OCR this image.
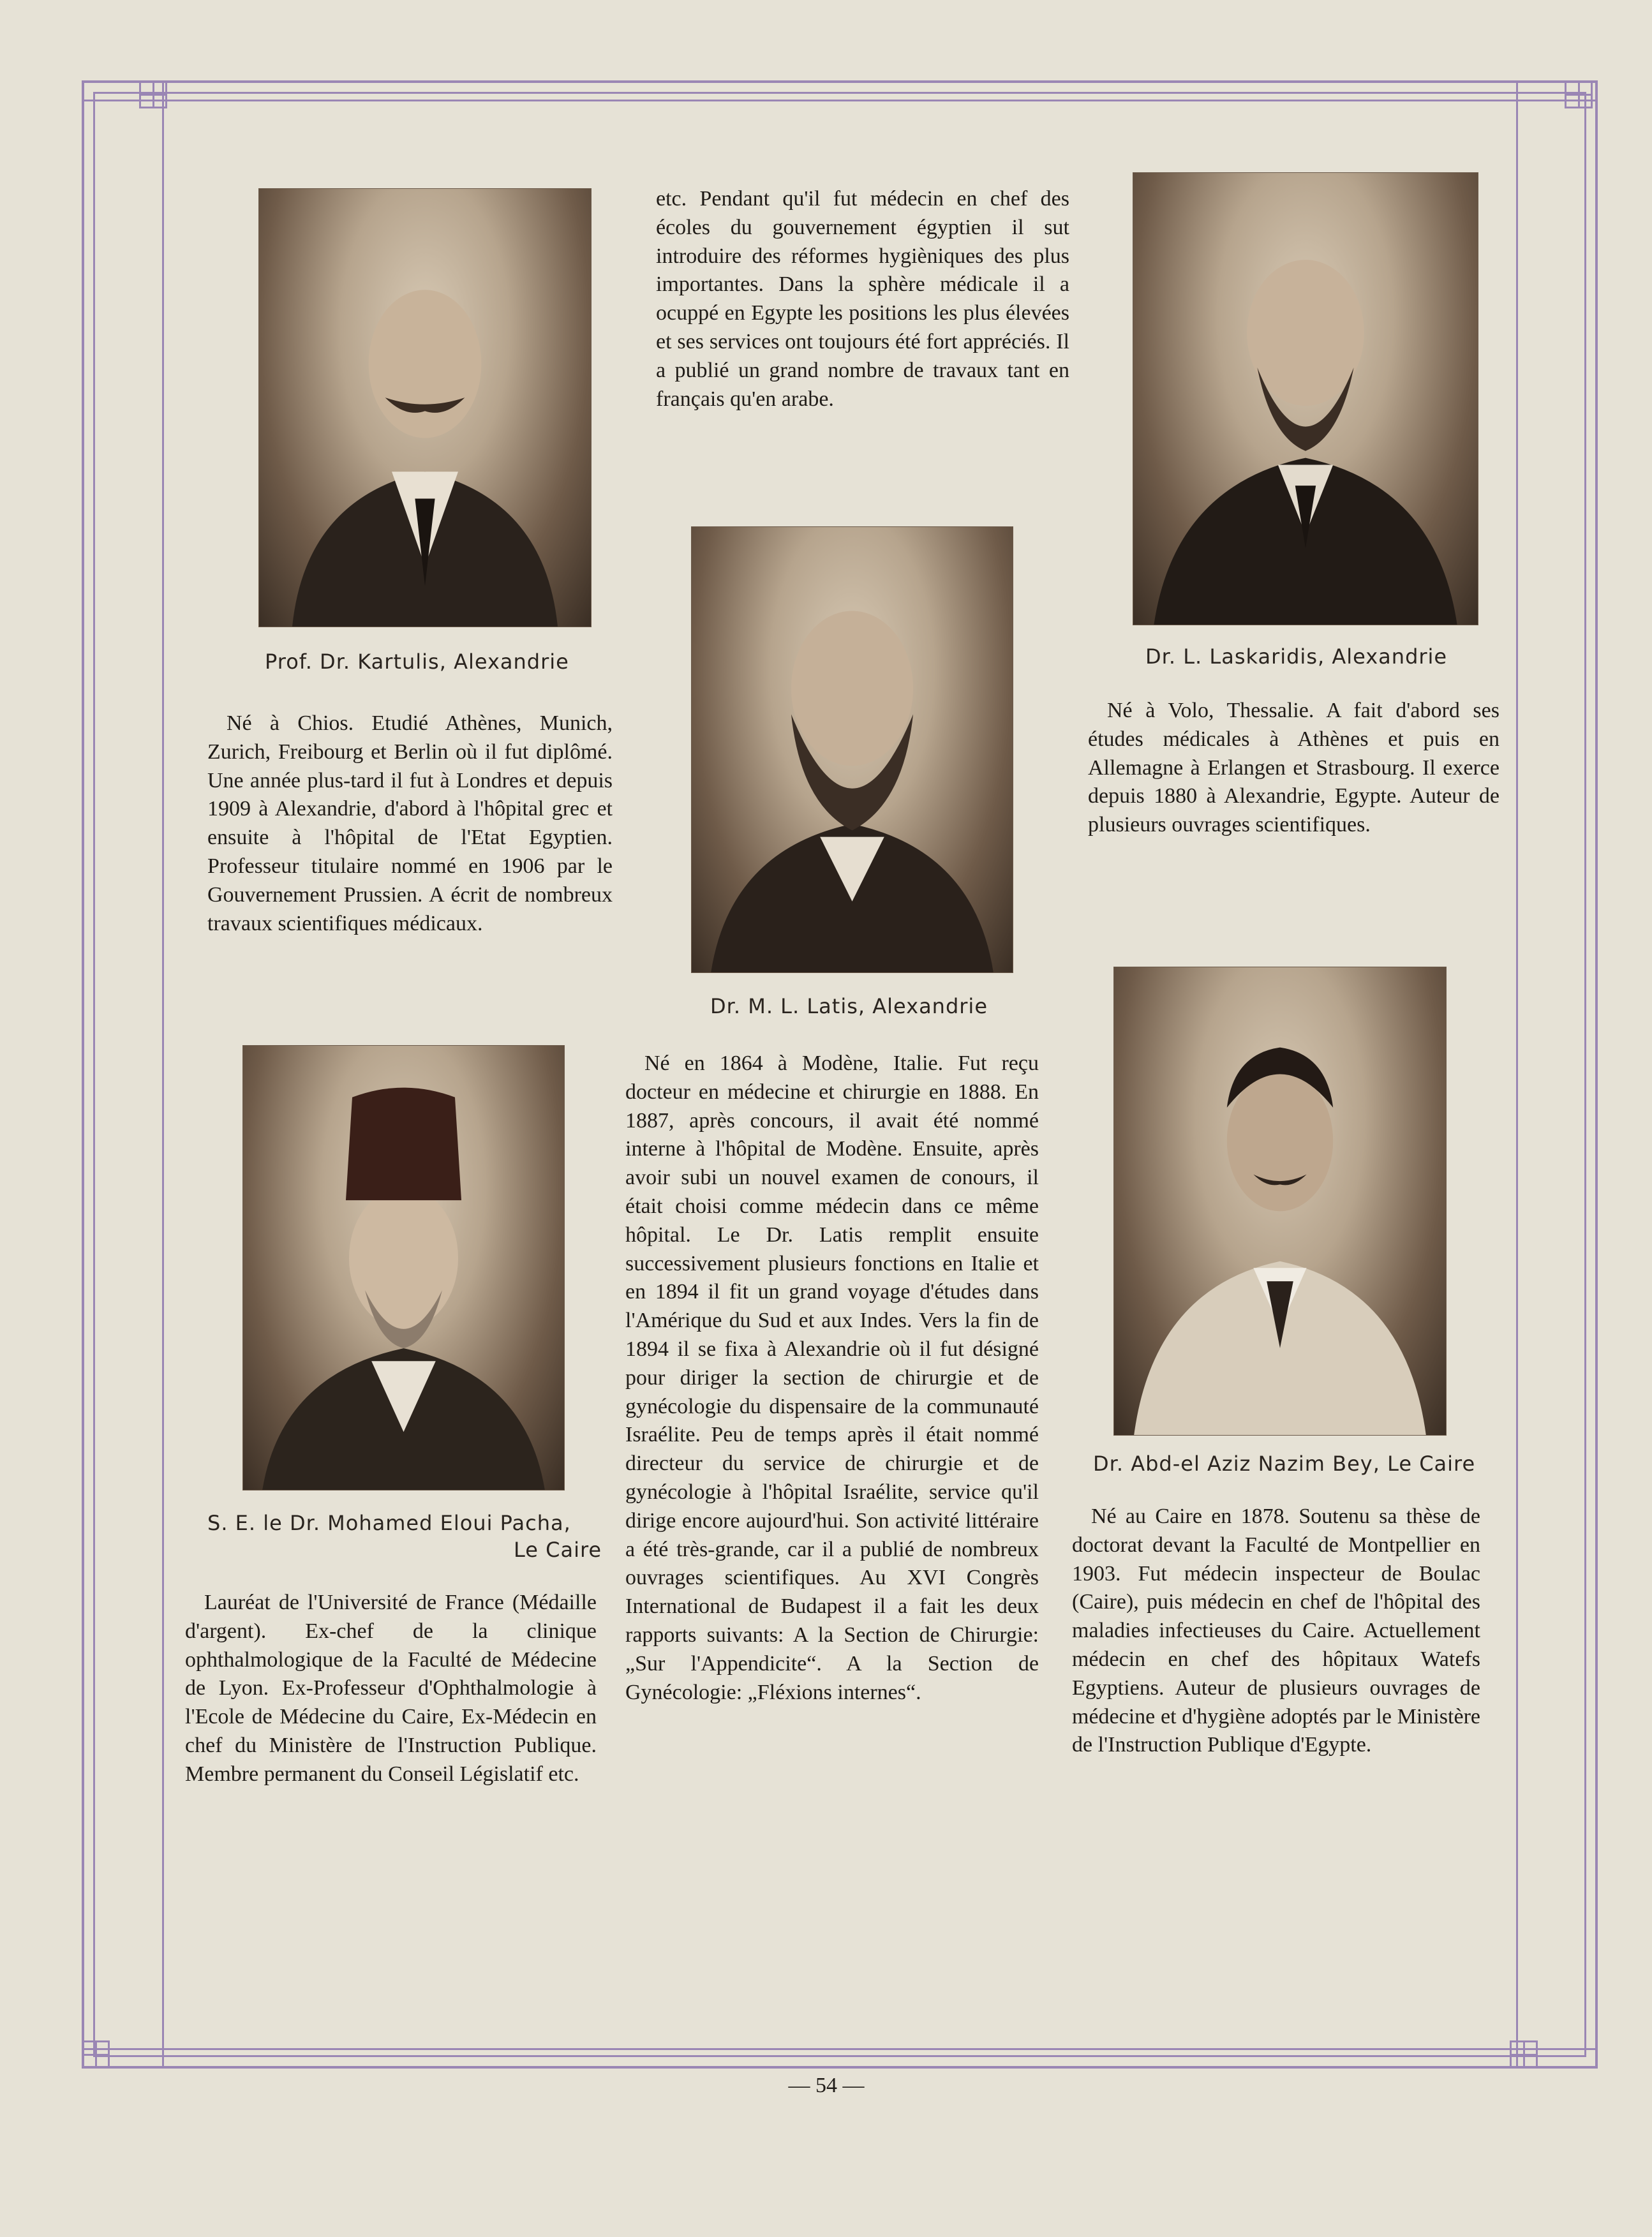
Prof. Dr. Kartulis, Alexandrie
Né à Chios. Etudié Athènes, Munich, Zurich, Freibourg et Berlin où il fut diplômé. Une année plus-tard il fut à Londres et depuis 1909 à Alexandrie, d'abord à l'hôpital grec et ensuite à l'hôpital de l'Etat Egyptien. Professeur titulaire nommé en 1906 par le Gouvernement Prussien. A écrit de nombreux travaux scientifiques médicaux.
etc. Pendant qu'il fut médecin en chef des écoles du gouvernement égyptien il sut introduire des réformes hygièniques des plus importantes. Dans la sphère médicale il a ocuppé en Egypte les positions les plus élevées et ses services ont toujours été fort appréciés. Il a publié un grand nombre de travaux tant en français qu'en arabe.
Dr. L. Laskaridis, Alexandrie
Né à Volo, Thessalie. A fait d'abord ses études médicales à Athènes et puis en Allemagne à Erlangen et Strasbourg. Il exerce depuis 1880 à Alexandrie, Egypte. Auteur de plusieurs ouvrages scientifiques.
Dr. M. L. Latis, Alexandrie
Né en 1864 à Modène, Italie. Fut reçu docteur en médecine et chirurgie en 1888. En 1887, après concours, il avait été nommé interne à l'hôpital de Modène. Ensuite, après avoir subi un nouvel examen de conours, il était choisi comme médecin dans ce même hôpital. Le Dr. Latis remplit ensuite successivement plusieurs fonctions en Italie et en 1894 il fit un grand voyage d'études dans l'Amérique du Sud et aux Indes. Vers la fin de 1894 il se fixa à Alexandrie où il fut désigné pour diriger la section de chirurgie et de gynécologie du dispensaire de la communauté Israélite. Peu de temps après il était nommé directeur du service de chirurgie et de gynécologie à l'hôpital Israélite, service qu'il dirige encore aujourd'hui. Son activité littéraire a été très-grande, car il a publié de nombreux ouvrages scientifiques. Au XVI Congrès International de Budapest il a fait les deux rapports suivants: A la Section de Chirurgie: „Sur l'Appendicite“. A la Section de Gynécologie: „Fléxions internes“.
S. E. le Dr. Mohamed Eloui Pacha,
Le Caire
Lauréat de l'Université de France (Médaille d'argent). Ex-chef de la clinique ophthalmologique de la Faculté de Médecine de Lyon. Ex-Professeur d'Ophthalmologie à l'Ecole de Médecine du Caire, Ex-Médecin en chef du Ministère de l'Instruction Publique. Membre permanent du Conseil Législatif etc.
Dr. Abd-el Aziz Nazim Bey, Le Caire
Né au Caire en 1878. Soutenu sa thèse de doctorat devant la Faculté de Montpellier en 1903. Fut médecin inspecteur de Boulac (Caire), puis médecin en chef de l'hôpital des maladies infectieuses du Caire. Actuellement médecin en chef des hôpitaux Watefs Egyptiens. Auteur de plusieurs ouvrages de médecine et d'hygiène adoptés par le Ministère de l'Instruction Publique d'Egypte.
— 54 —
